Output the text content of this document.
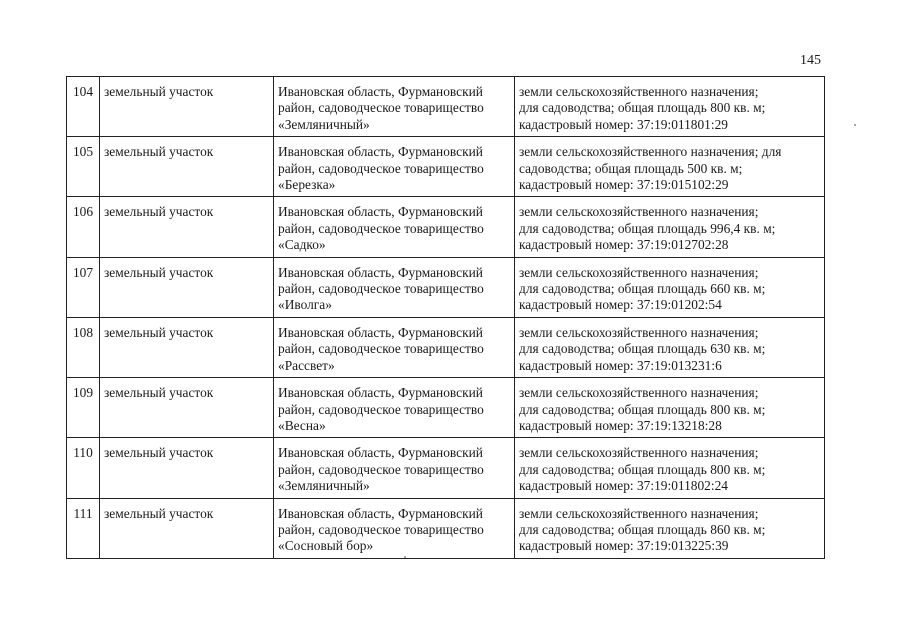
145
104	земельный участок	Ивановская область, Фурмановский
район, садоводческое товарищество
«Земляничный»	земли сельскохозяйственного назначения;
для садоводства; общая площадь 800 кв. м;
кадастровый номер: 37:19:011801:29

105	земельный участок	Ивановская область, Фурмановский
район, садоводческое товарищество
«Березка»	земли сельскохозяйственного назначения; для
садоводства; общая площадь 500 кв. м;
кадастровый номер: 37:19:015102:29

106	земельный участок	Ивановская область, Фурмановский
район, садоводческое товарищество
«Садко»	земли сельскохозяйственного назначения;
для садоводства; общая площадь 996,4 кв. м;
кадастровый номер: 37:19:012702:28

107	земельный участок	Ивановская область, Фурмановский
район, садоводческое товарищество
«Иволга»	земли сельскохозяйственного назначения;
для садоводства; общая площадь 660 кв. м;
кадастровый номер: 37:19:01202:54

108	земельный участок	Ивановская область, Фурмановский
район, садоводческое товарищество
«Рассвет»	земли сельскохозяйственного назначения;
для садоводства; общая площадь 630 кв. м;
кадастровый номер: 37:19:013231:6

109	земельный участок	Ивановская область, Фурмановский
район, садоводческое товарищество
«Весна»	земли сельскохозяйственного назначения;
для садоводства; общая площадь 800 кв. м;
кадастровый номер: 37:19:13218:28

110	земельный участок	Ивановская область, Фурмановский
район, садоводческое товарищество
«Земляничный»	земли сельскохозяйственного назначения;
для садоводства; общая площадь 800 кв. м;
кадастровый номер: 37:19:011802:24

111	земельный участок	Ивановская область, Фурмановский
район, садоводческое товарищество
«Сосновый бор»	земли сельскохозяйственного назначения;
для садоводства; общая площадь 860 кв. м;
кадастровый номер: 37:19:013225:39
